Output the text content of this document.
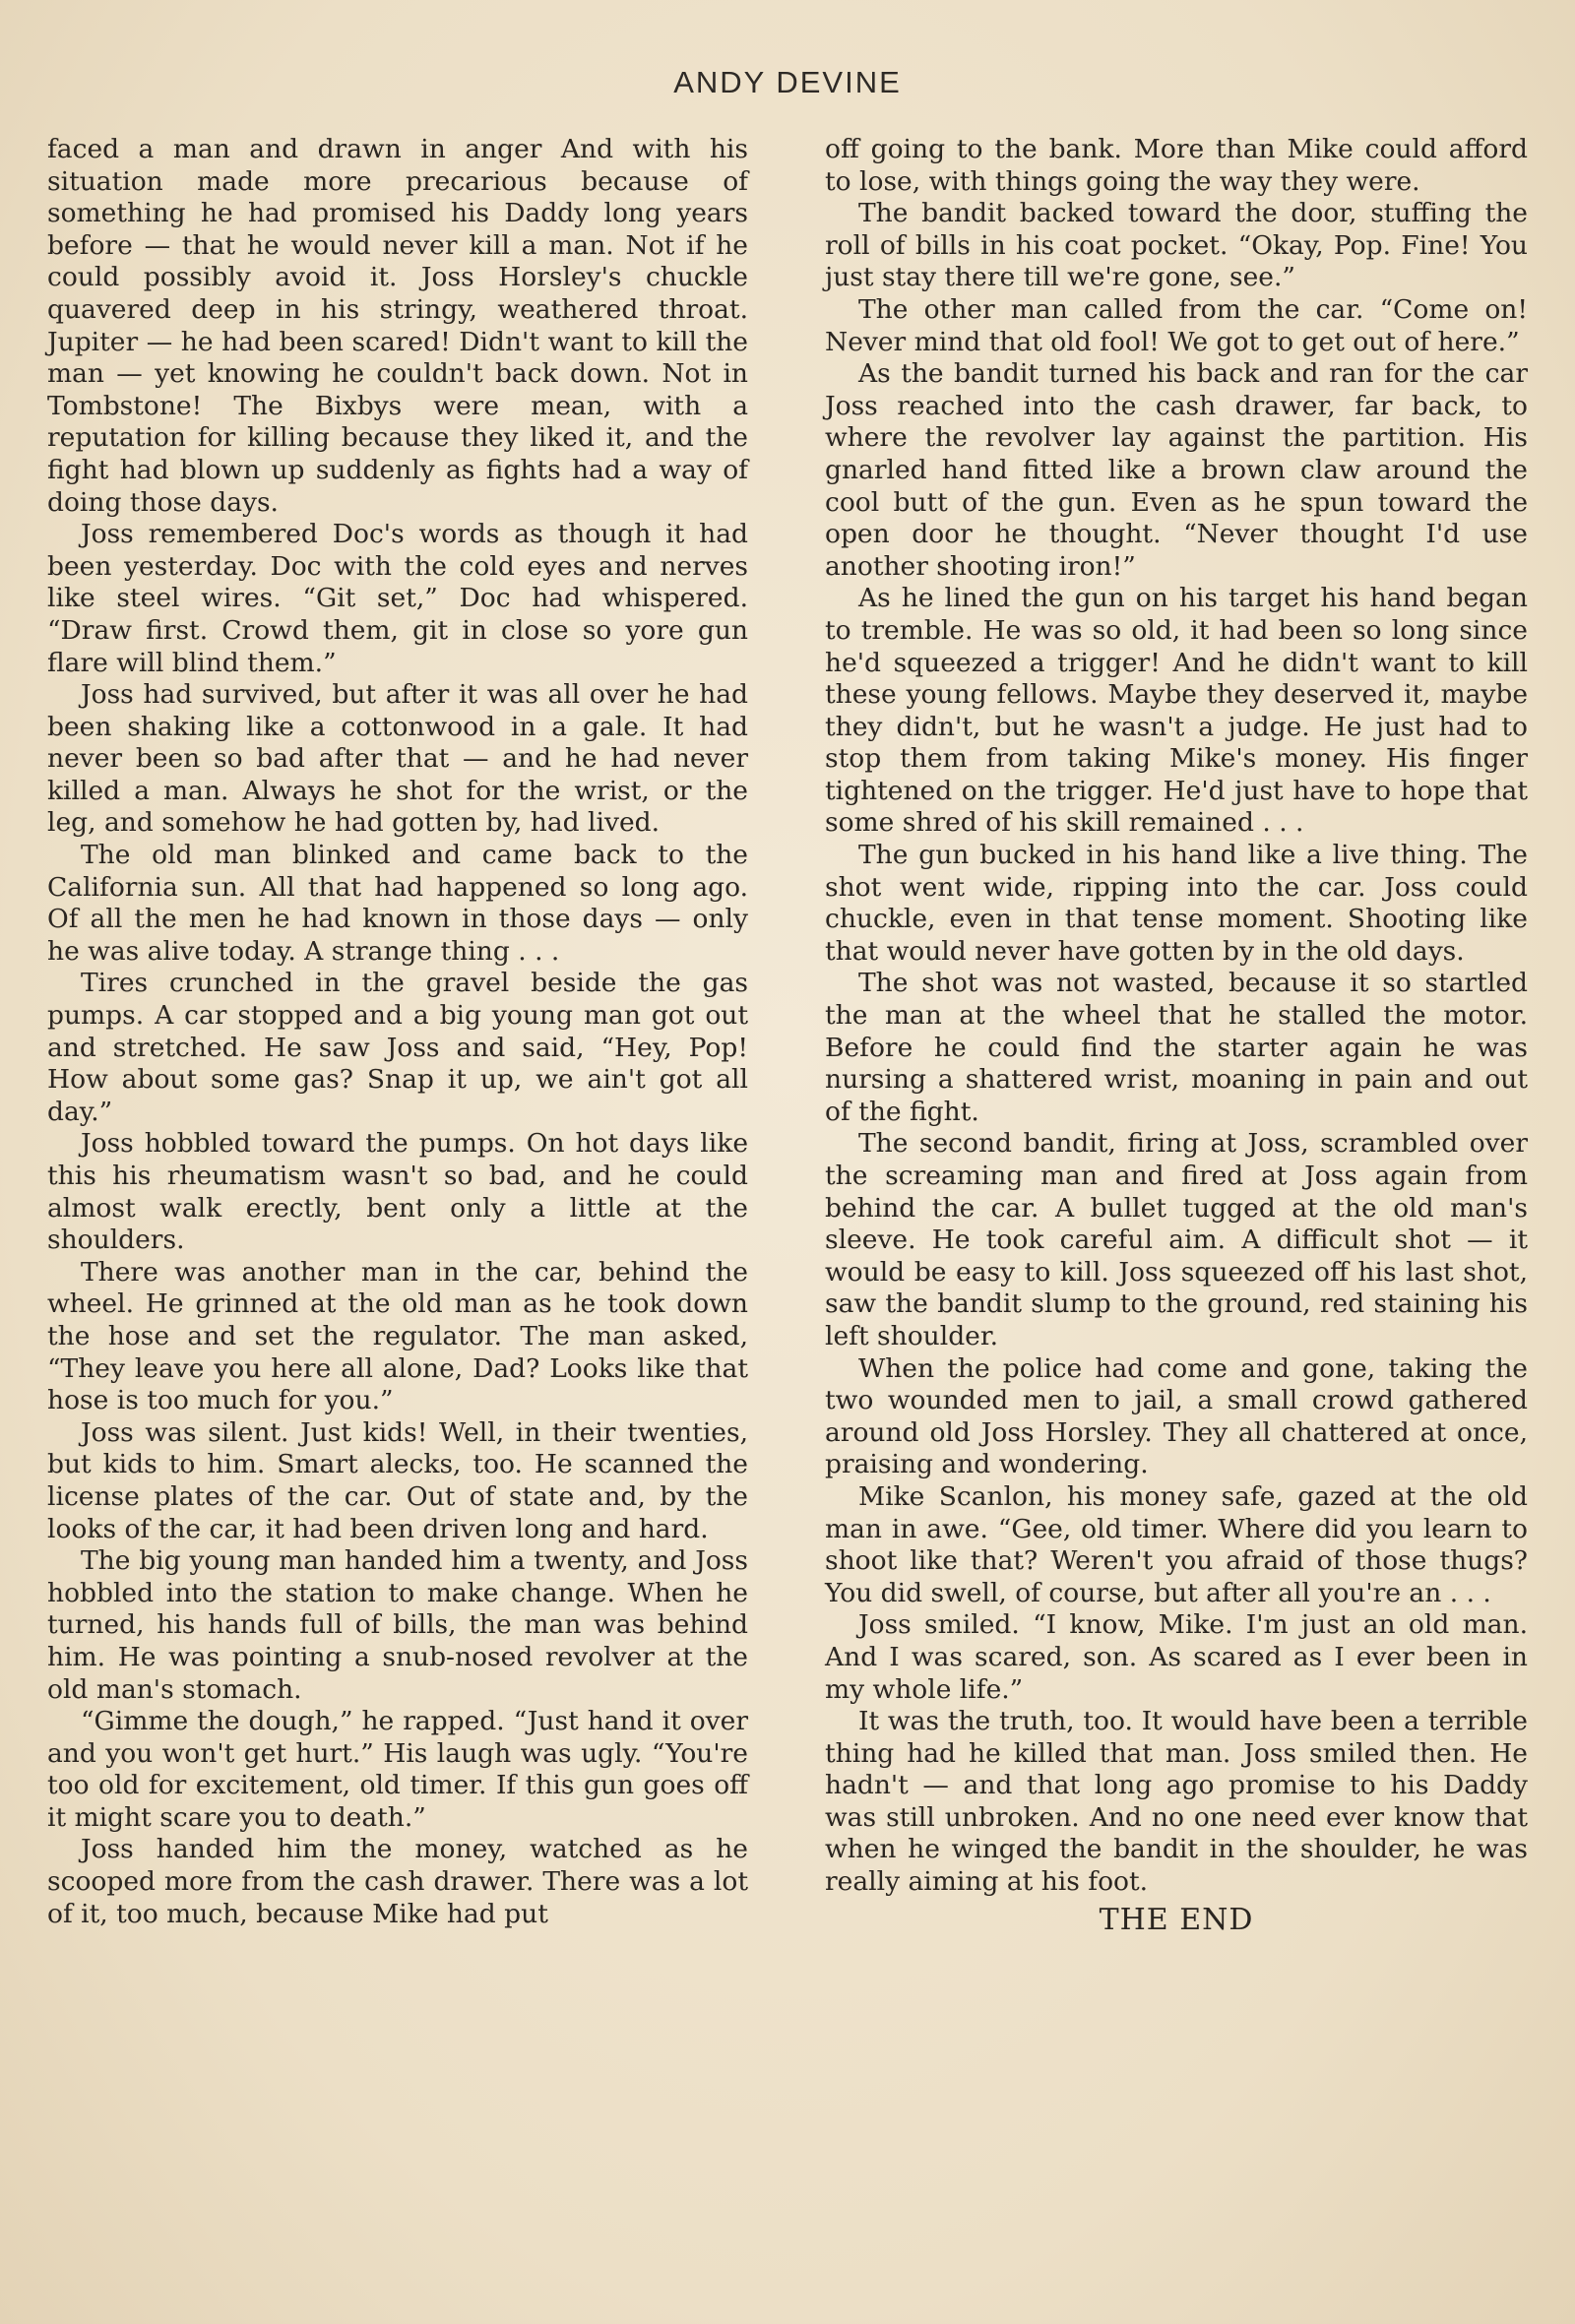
ANDY DEVINE

faced a man and drawn in anger And with his situation made more precarious because of something he had promised his Daddy long years before — that he would never kill a man. Not if he could possibly avoid it. Joss Horsley's chuckle quavered deep in his stringy, weathered throat. Jupiter — he had been scared! Didn't want to kill the man — yet knowing he couldn't back down. Not in Tombstone! The Bixbys were mean, with a reputation for killing because they liked it, and the fight had blown up suddenly as fights had a way of doing those days.

Joss remembered Doc's words as though it had been yesterday. Doc with the cold eyes and nerves like steel wires. “Git set,” Doc had whispered. “Draw first. Crowd them, git in close so yore gun flare will blind them.”

Joss had survived, but after it was all over he had been shaking like a cottonwood in a gale. It had never been so bad after that — and he had never killed a man. Always he shot for the wrist, or the leg, and somehow he had gotten by, had lived.

The old man blinked and came back to the California sun. All that had happened so long ago. Of all the men he had known in those days — only he was alive today. A strange thing . . .

Tires crunched in the gravel beside the gas pumps. A car stopped and a big young man got out and stretched. He saw Joss and said, “Hey, Pop! How about some gas? Snap it up, we ain't got all day.”

Joss hobbled toward the pumps. On hot days like this his rheumatism wasn't so bad, and he could almost walk erectly, bent only a little at the shoulders.

There was another man in the car, behind the wheel. He grinned at the old man as he took down the hose and set the regulator. The man asked, “They leave you here all alone, Dad? Looks like that hose is too much for you.”

Joss was silent. Just kids! Well, in their twenties, but kids to him. Smart alecks, too. He scanned the license plates of the car. Out of state and, by the looks of the car, it had been driven long and hard.

The big young man handed him a twenty, and Joss hobbled into the station to make change. When he turned, his hands full of bills, the man was behind him. He was pointing a snub-nosed revolver at the old man's stomach.

“Gimme the dough,” he rapped. “Just hand it over and you won't get hurt.” His laugh was ugly. “You're too old for excitement, old timer. If this gun goes off it might scare you to death.”

Joss handed him the money, watched as he scooped more from the cash drawer. There was a lot of it, too much, because Mike had put

off going to the bank. More than Mike could afford to lose, with things going the way they were.

The bandit backed toward the door, stuffing the roll of bills in his coat pocket. “Okay, Pop. Fine! You just stay there till we're gone, see.”

The other man called from the car. “Come on! Never mind that old fool! We got to get out of here.”

As the bandit turned his back and ran for the car Joss reached into the cash drawer, far back, to where the revolver lay against the partition. His gnarled hand fitted like a brown claw around the cool butt of the gun. Even as he spun toward the open door he thought. “Never thought I'd use another shooting iron!”

As he lined the gun on his target his hand began to tremble. He was so old, it had been so long since he'd squeezed a trigger! And he didn't want to kill these young fellows. Maybe they deserved it, maybe they didn't, but he wasn't a judge. He just had to stop them from taking Mike's money. His finger tightened on the trigger. He'd just have to hope that some shred of his skill remained . . .

The gun bucked in his hand like a live thing. The shot went wide, ripping into the car. Joss could chuckle, even in that tense moment. Shooting like that would never have gotten by in the old days.

The shot was not wasted, because it so startled the man at the wheel that he stalled the motor. Before he could find the starter again he was nursing a shattered wrist, moaning in pain and out of the fight.

The second bandit, firing at Joss, scrambled over the screaming man and fired at Joss again from behind the car. A bullet tugged at the old man's sleeve. He took careful aim. A difficult shot — it would be easy to kill. Joss squeezed off his last shot, saw the bandit slump to the ground, red staining his left shoulder.

When the police had come and gone, taking the two wounded men to jail, a small crowd gathered around old Joss Horsley. They all chattered at once, praising and wondering.

Mike Scanlon, his money safe, gazed at the old man in awe. “Gee, old timer. Where did you learn to shoot like that? Weren't you afraid of those thugs? You did swell, of course, but after all you're an . . .

Joss smiled. “I know, Mike. I'm just an old man. And I was scared, son. As scared as I ever been in my whole life.”

It was the truth, too. It would have been a terrible thing had he killed that man. Joss smiled then. He hadn't — and that long ago promise to his Daddy was still unbroken. And no one need ever know that when he winged the bandit in the shoulder, he was really aiming at his foot.

THE END
